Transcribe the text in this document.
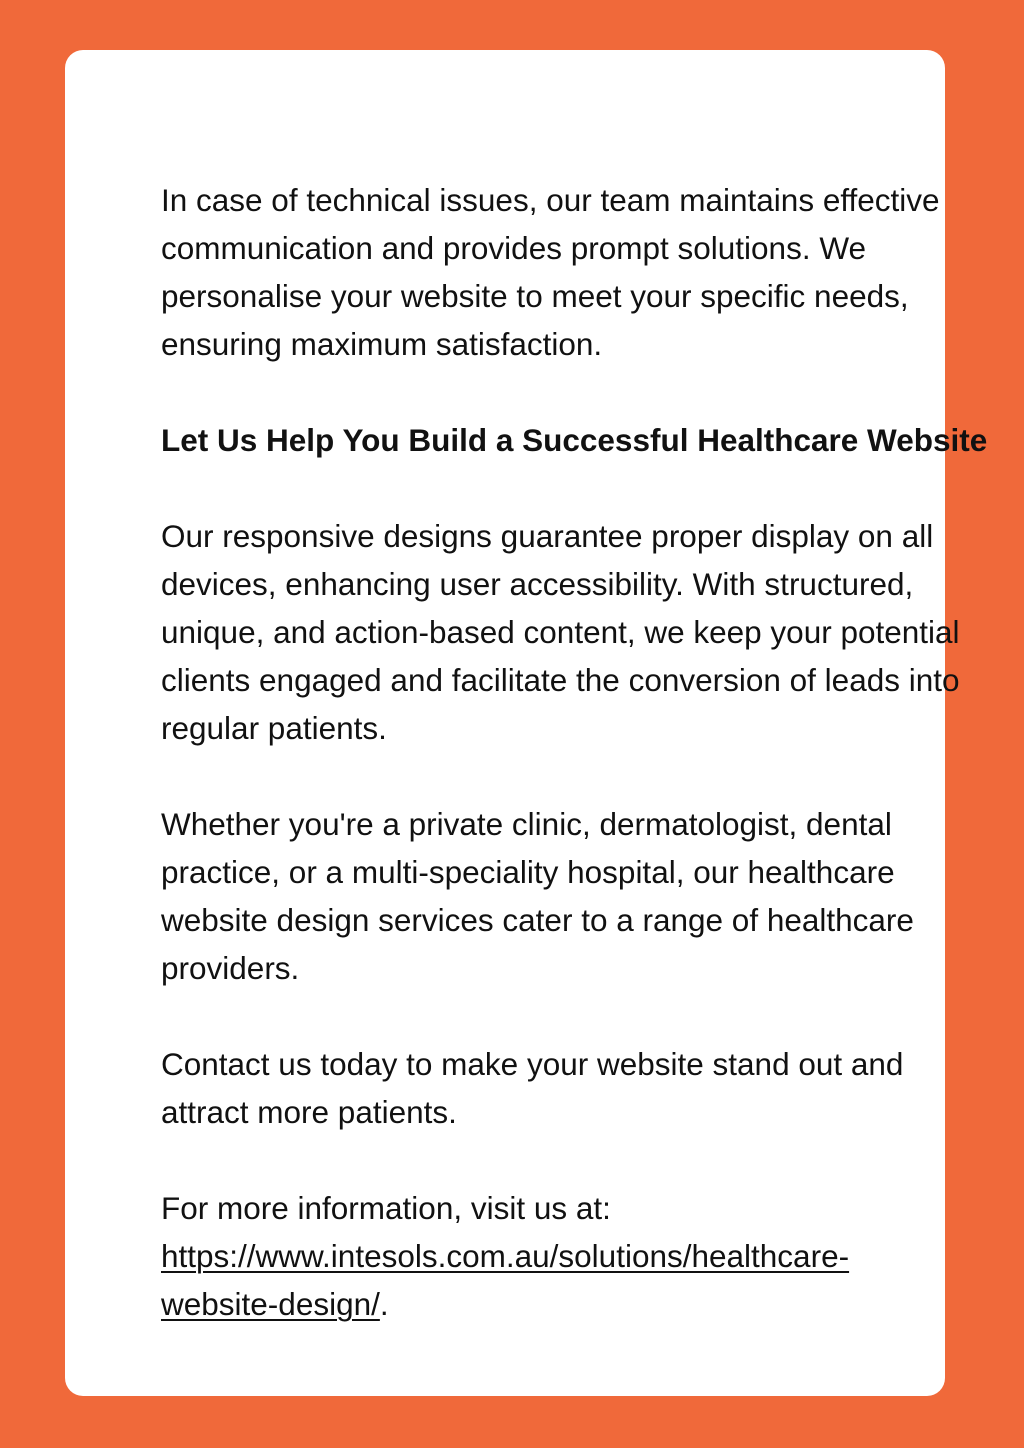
In case of technical issues, our team maintains effective communication and provides prompt solutions. We personalise your website to meet your specific needs, ensuring maximum satisfaction.

Let Us Help You Build a Successful Healthcare Website

Our responsive designs guarantee proper display on all devices, enhancing user accessibility. With structured, unique, and action-based content, we keep your potential clients engaged and facilitate the conversion of leads into regular patients.

Whether you're a private clinic, dermatologist, dental practice, or a multi-speciality hospital, our healthcare website design services cater to a range of healthcare providers.

Contact us today to make your website stand out and attract more patients.

For more information, visit us at:
https://www.intesols.com.au/solutions/healthcare-
website-design/.
